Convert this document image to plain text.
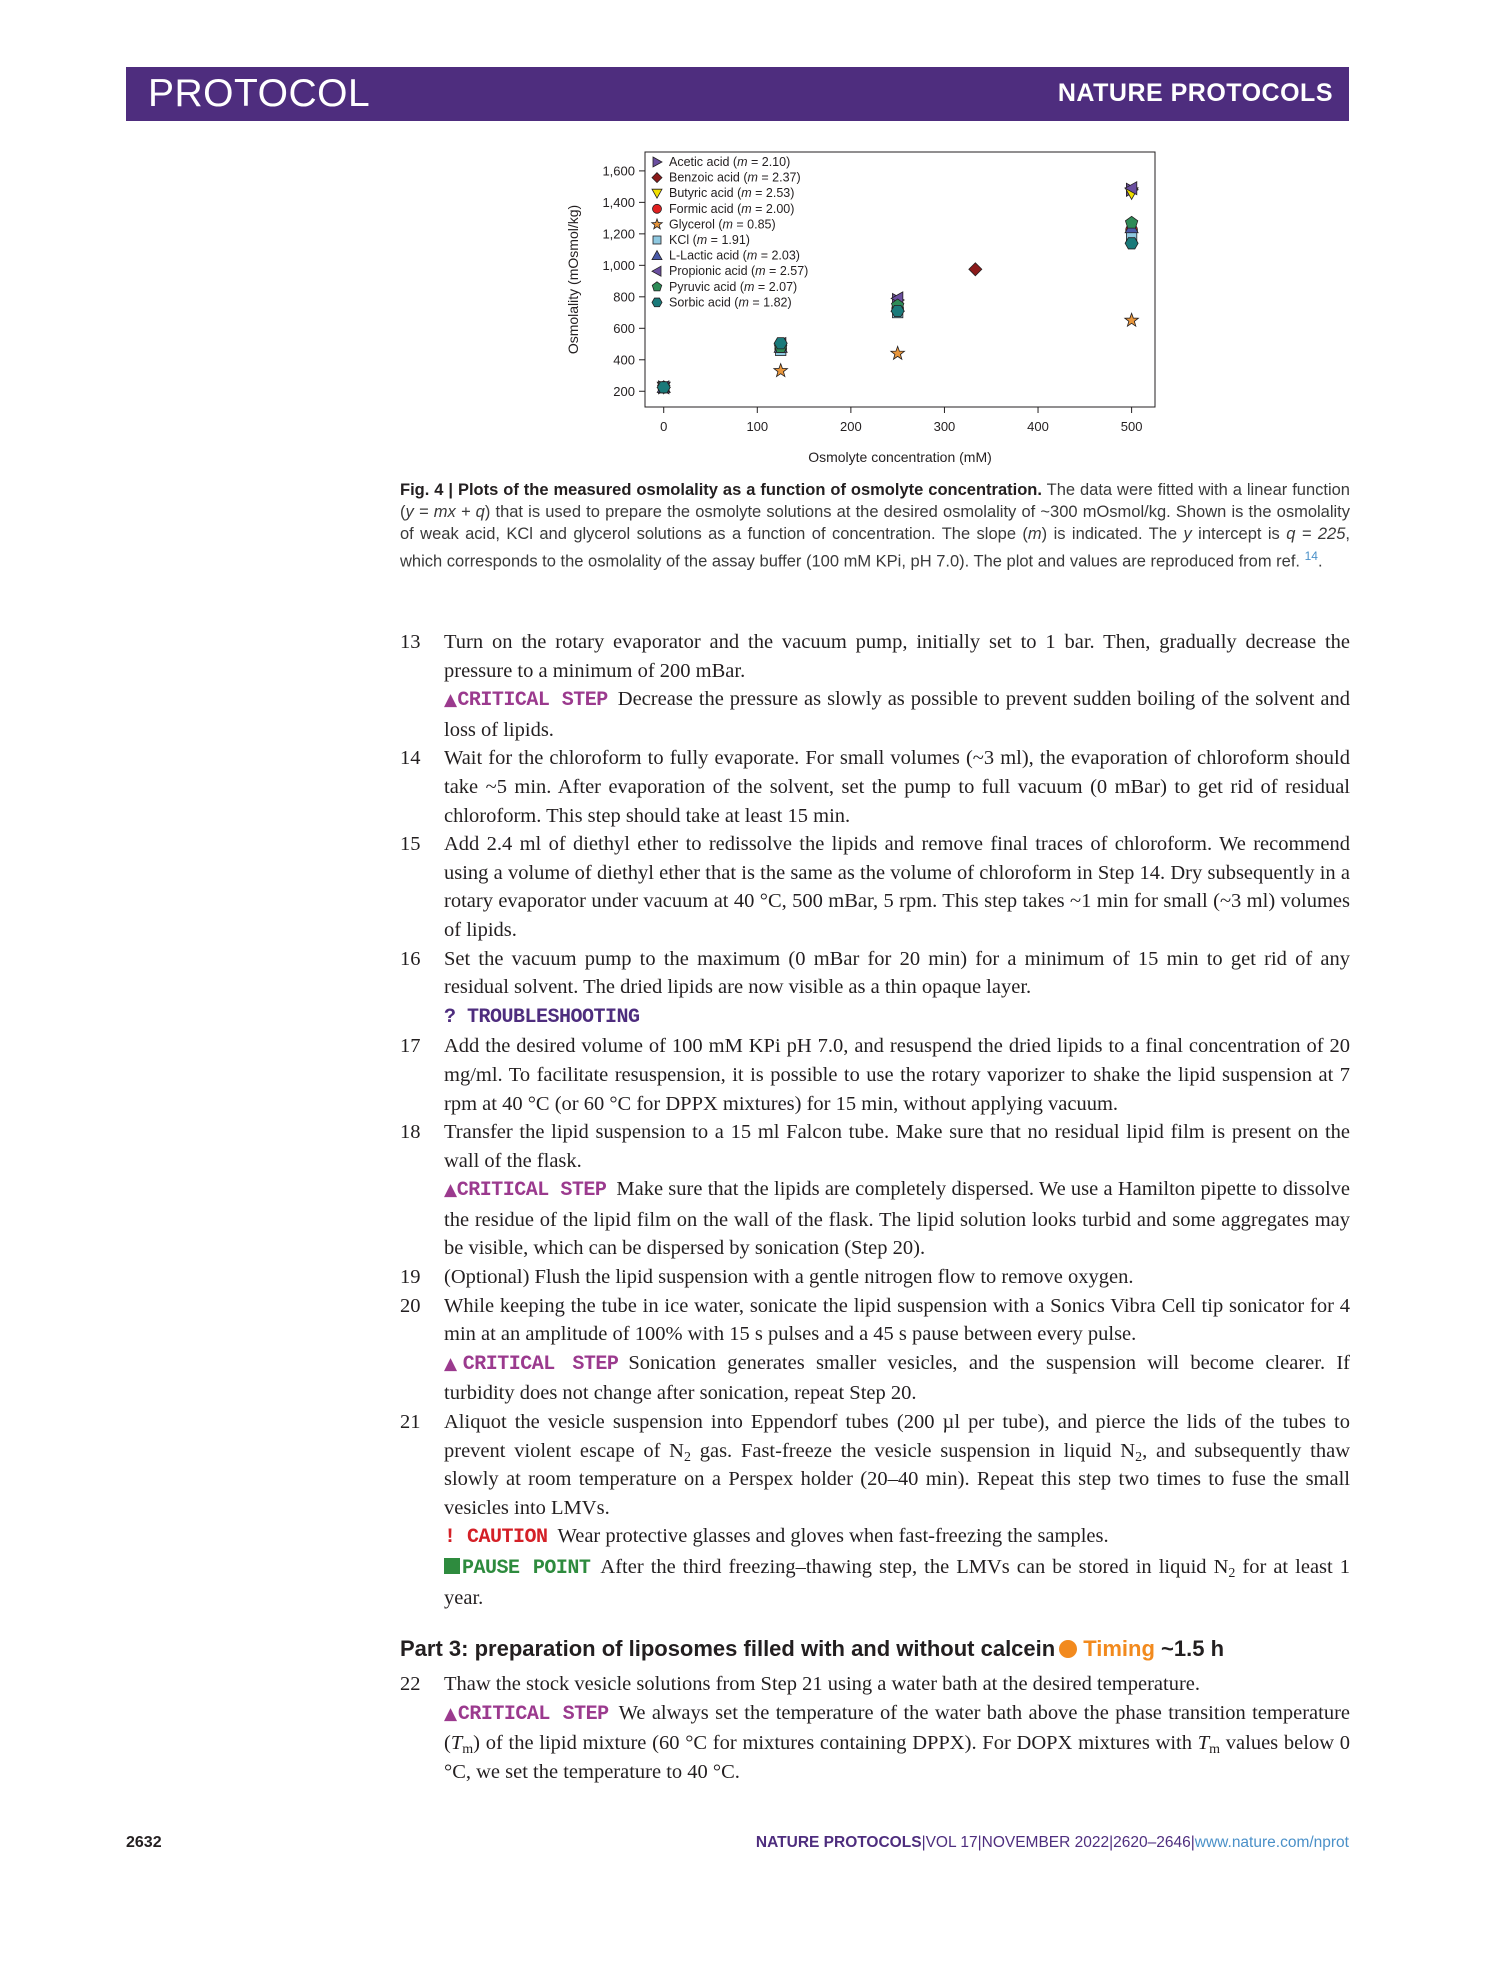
PROTOCOL	NATURE PROTOCOLS
200
400
600
800
1,000
1,200
1,400
1,600
0	100	200	300	400	500
Osmolyte concentration (mM)
Osmolality (mOsmol/kg)
Acetic acid (m = 2.10)
Benzoic acid (m = 2.37)
Butyric acid (m = 2.53)
Formic acid (m = 2.00)
Glycerol (m = 0.85)
KCl (m = 1.91)
L-Lactic acid (m = 2.03)
Propionic acid (m = 2.57)
Pyruvic acid (m = 2.07)
Sorbic acid (m = 1.82)
Fig. 4 | Plots of the measured osmolality as a function of osmolyte concentration. The data were fitted with a linear function (y = mx + q) that is used to prepare the osmolyte solutions at the desired osmolality of ~300 mOsmol/kg. Shown is the osmolality of weak acid, KCl and glycerol solutions as a function of concentration. The slope (m) is indicated. The y intercept is q = 225, which corresponds to the osmolality of the assay buffer (100 mM KPi, pH 7.0). The plot and values are reproduced from ref. $^{14}$.
13 Turn on the rotary evaporator and the vacuum pump, initially set to 1 bar. Then, gradually decrease the pressure to a minimum of 200 mBar.
▲CRITICAL STEP Decrease the pressure as slowly as possible to prevent sudden boiling of the solvent and loss of lipids.
14 Wait for the chloroform to fully evaporate. For small volumes (~3 ml), the evaporation of chloroform should take ~5 min. After evaporation of the solvent, set the pump to full vacuum (0 mBar) to get rid of residual chloroform. This step should take at least 15 min.
15 Add 2.4 ml of diethyl ether to redissolve the lipids and remove final traces of chloroform. We recommend using a volume of diethyl ether that is the same as the volume of chloroform in Step 14. Dry subsequently in a rotary evaporator under vacuum at 40 °C, 500 mBar, 5 rpm. This step takes ~1 min for small (~3 ml) volumes of lipids.
16 Set the vacuum pump to the maximum (0 mBar for 20 min) for a minimum of 15 min to get rid of any residual solvent. The dried lipids are now visible as a thin opaque layer.
? TROUBLESHOOTING
17 Add the desired volume of 100 mM KPi pH 7.0, and resuspend the dried lipids to a final concentration of 20 mg/ml. To facilitate resuspension, it is possible to use the rotary vaporizer to shake the lipid suspension at 7 rpm at 40 °C (or 60 °C for DPPX mixtures) for 15 min, without applying vacuum.
18 Transfer the lipid suspension to a 15 ml Falcon tube. Make sure that no residual lipid film is present on the wall of the flask.
▲CRITICAL STEP Make sure that the lipids are completely dispersed. We use a Hamilton pipette to dissolve the residue of the lipid film on the wall of the flask. The lipid solution looks turbid and some aggregates may be visible, which can be dispersed by sonication (Step 20).
19 (Optional) Flush the lipid suspension with a gentle nitrogen flow to remove oxygen.
20 While keeping the tube in ice water, sonicate the lipid suspension with a Sonics Vibra Cell tip sonicator for 4 min at an amplitude of 100% with 15 s pulses and a 45 s pause between every pulse.
▲CRITICAL STEP Sonication generates smaller vesicles, and the suspension will become clearer. If turbidity does not change after sonication, repeat Step 20.
21 Aliquot the vesicle suspension into Eppendorf tubes (200 µl per tube), and pierce the lids of the tubes to prevent violent escape of $N_2$ gas. Fast-freeze the vesicle suspension in liquid $N_2$, and subsequently thaw slowly at room temperature on a Perspex holder (20–40 min). Repeat this step two times to fuse the small vesicles into LMVs.
! CAUTION Wear protective glasses and gloves when fast-freezing the samples.
PAUSE POINT After the third freezing–thawing step, the LMVs can be stored in liquid $N_2$ for at least 1 year.
Part 3: preparation of liposomes filled with and without calcein Timing ~1.5 h
22 Thaw the stock vesicle solutions from Step 21 using a water bath at the desired temperature.
▲CRITICAL STEP We always set the temperature of the water bath above the phase transition temperature $(T_m)$ of the lipid mixture (60 °C for mixtures containing DPPX). For DOPX mixtures with $T_m$ values below 0 °C, we set the temperature to 40 °C.
2632	NATURE PROTOCOLS|VOL 17|NOVEMBER 2022|2620–2646|www.nature.com/nprot
